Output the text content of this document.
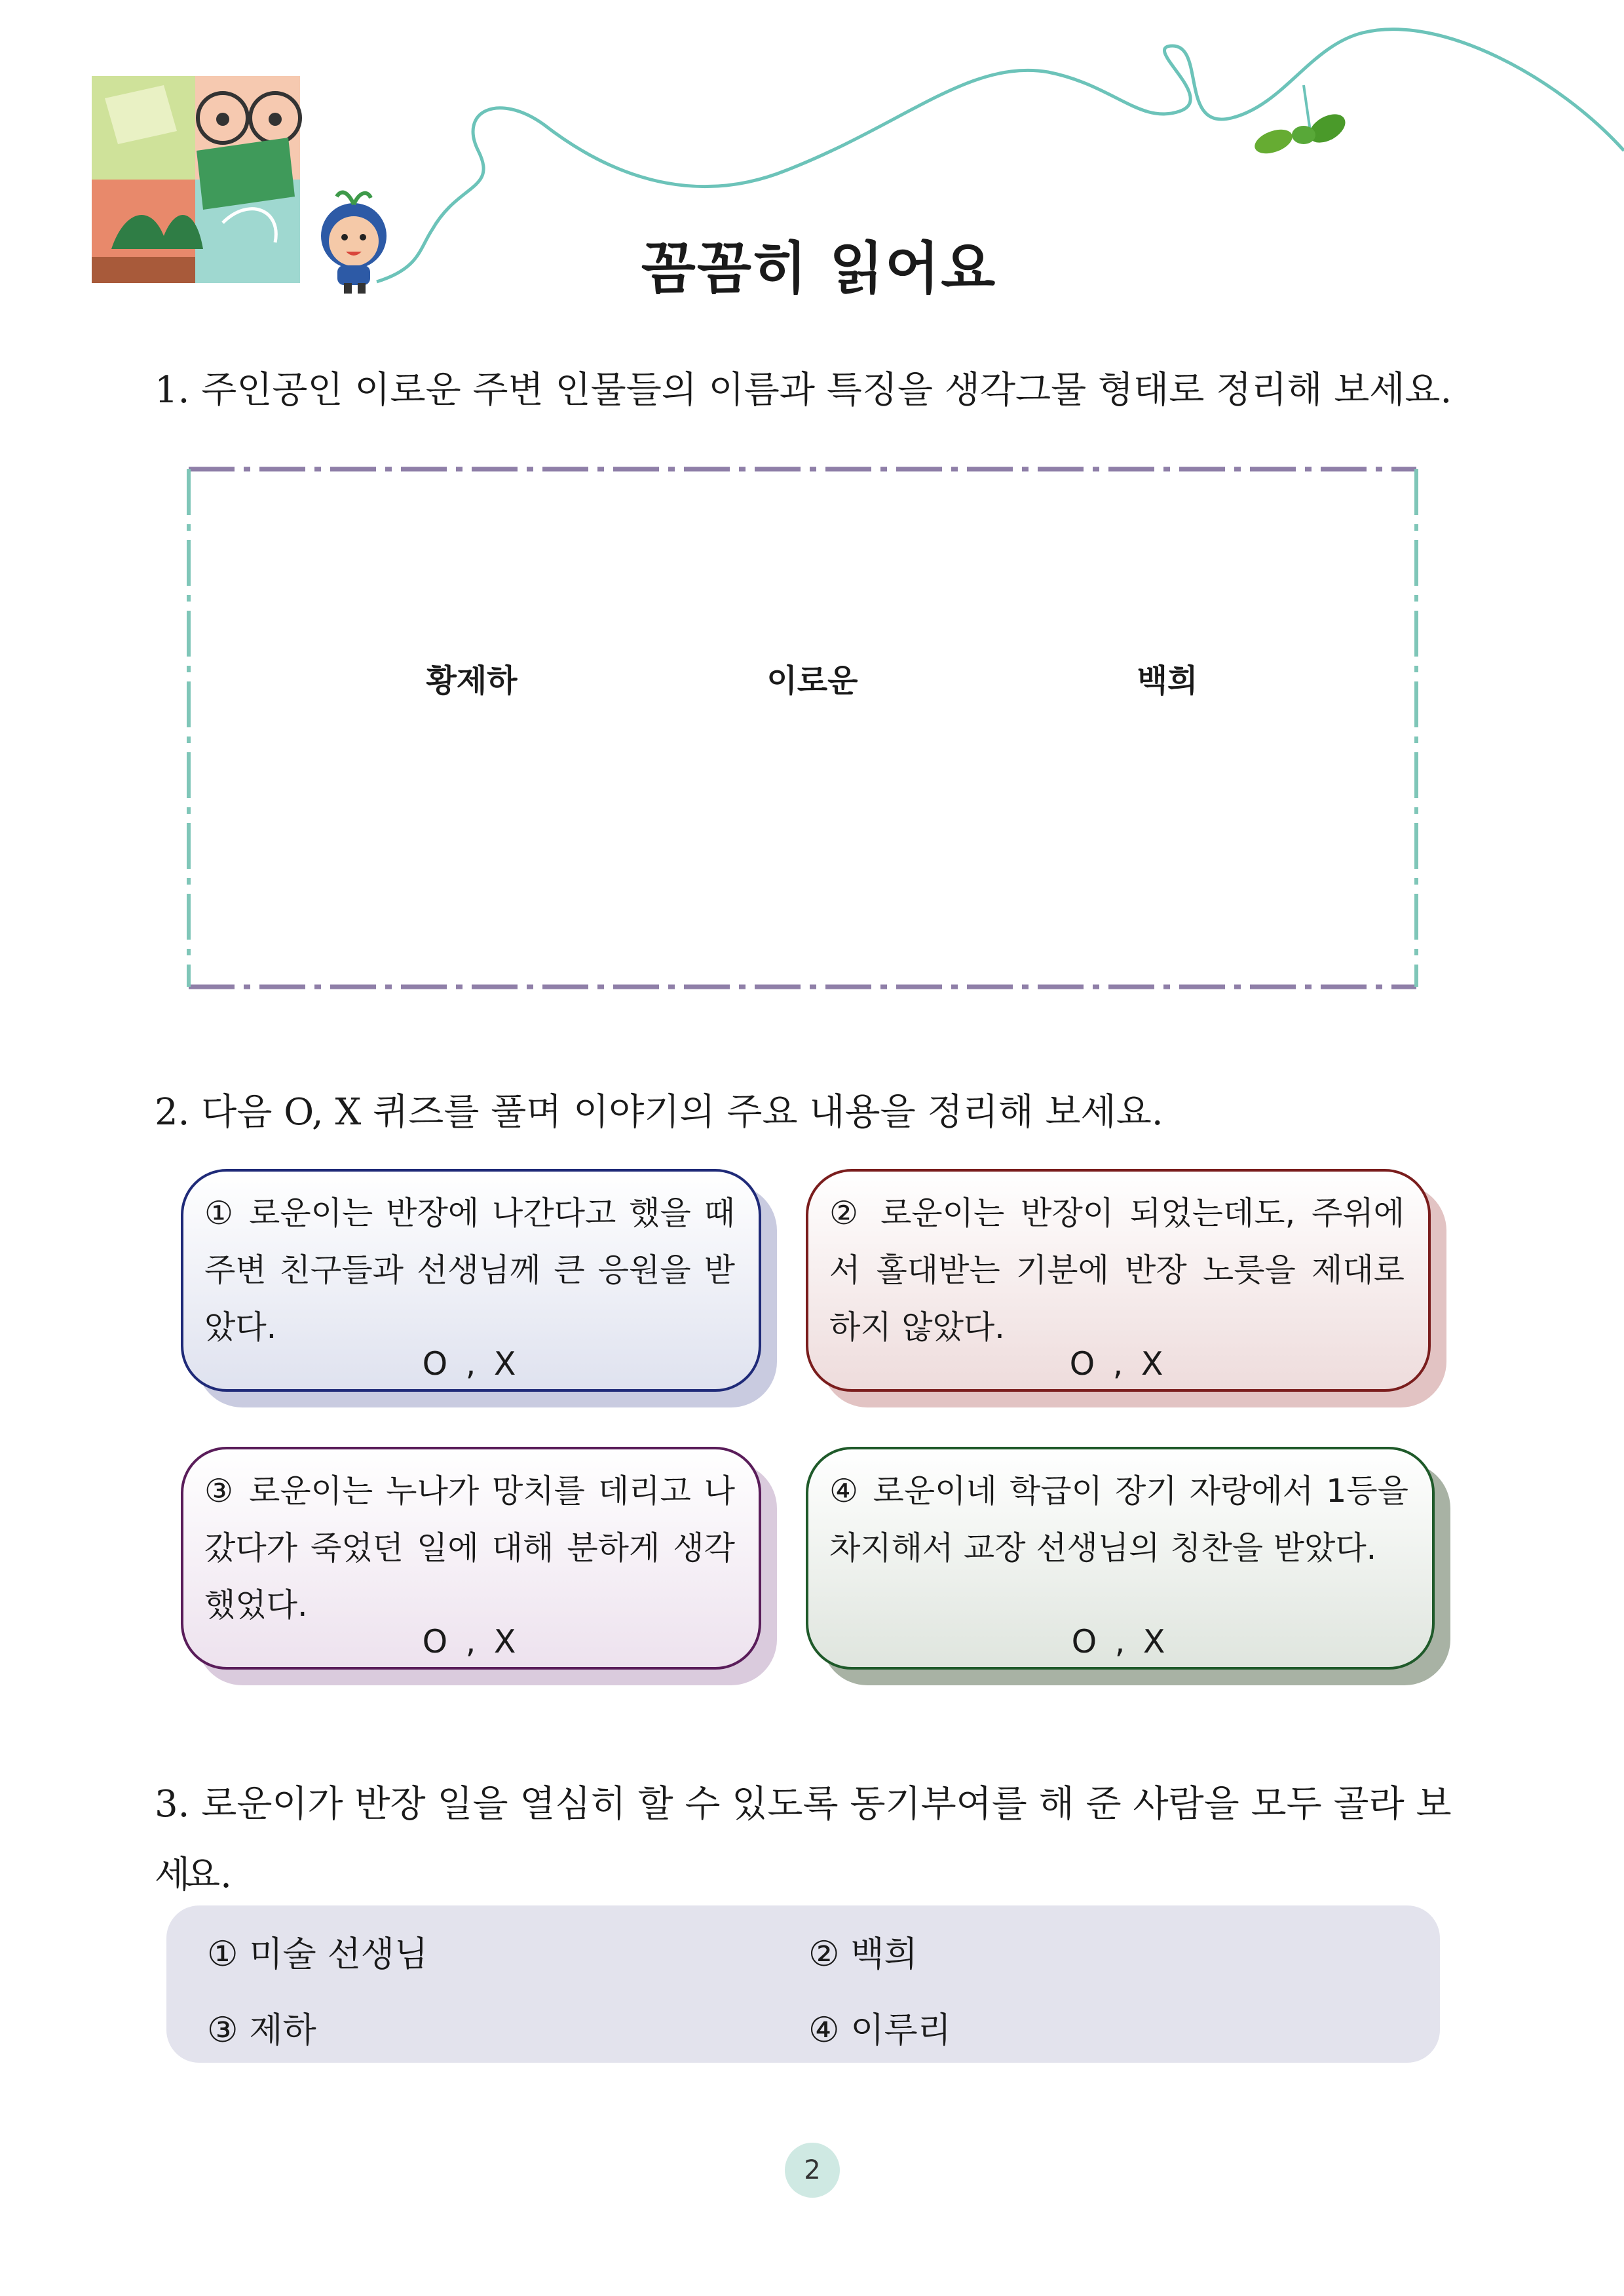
꼼꼼히 읽어요
1. 주인공인 이로운 주변 인물들의 이름과 특징을 생각그물 형태로 정리해 보세요.
황제하	이로운	백희
2. 다음 O, X 퀴즈를 풀며 이야기의 주요 내용을 정리해 보세요.
① 로운이는 반장에 나간다고 했을 때 주변 친구들과 선생님께 큰 응원을 받았다.
O , X
② 로운이는 반장이 되었는데도, 주위에서 홀대받는 기분에 반장 노릇을 제대로 하지 않았다.
O , X
③ 로운이는 누나가 망치를 데리고 나갔다가 죽었던 일에 대해 분하게 생각했었다.
O , X
④ 로운이네 학급이 장기 자랑에서 1등을 차지해서 교장 선생님의 칭찬을 받았다.
O , X
3. 로운이가 반장 일을 열심히 할 수 있도록 동기부여를 해 준 사람을 모두 골라 보세
요.
① 미술 선생님	② 백희
③ 제하	④ 이루리
2
